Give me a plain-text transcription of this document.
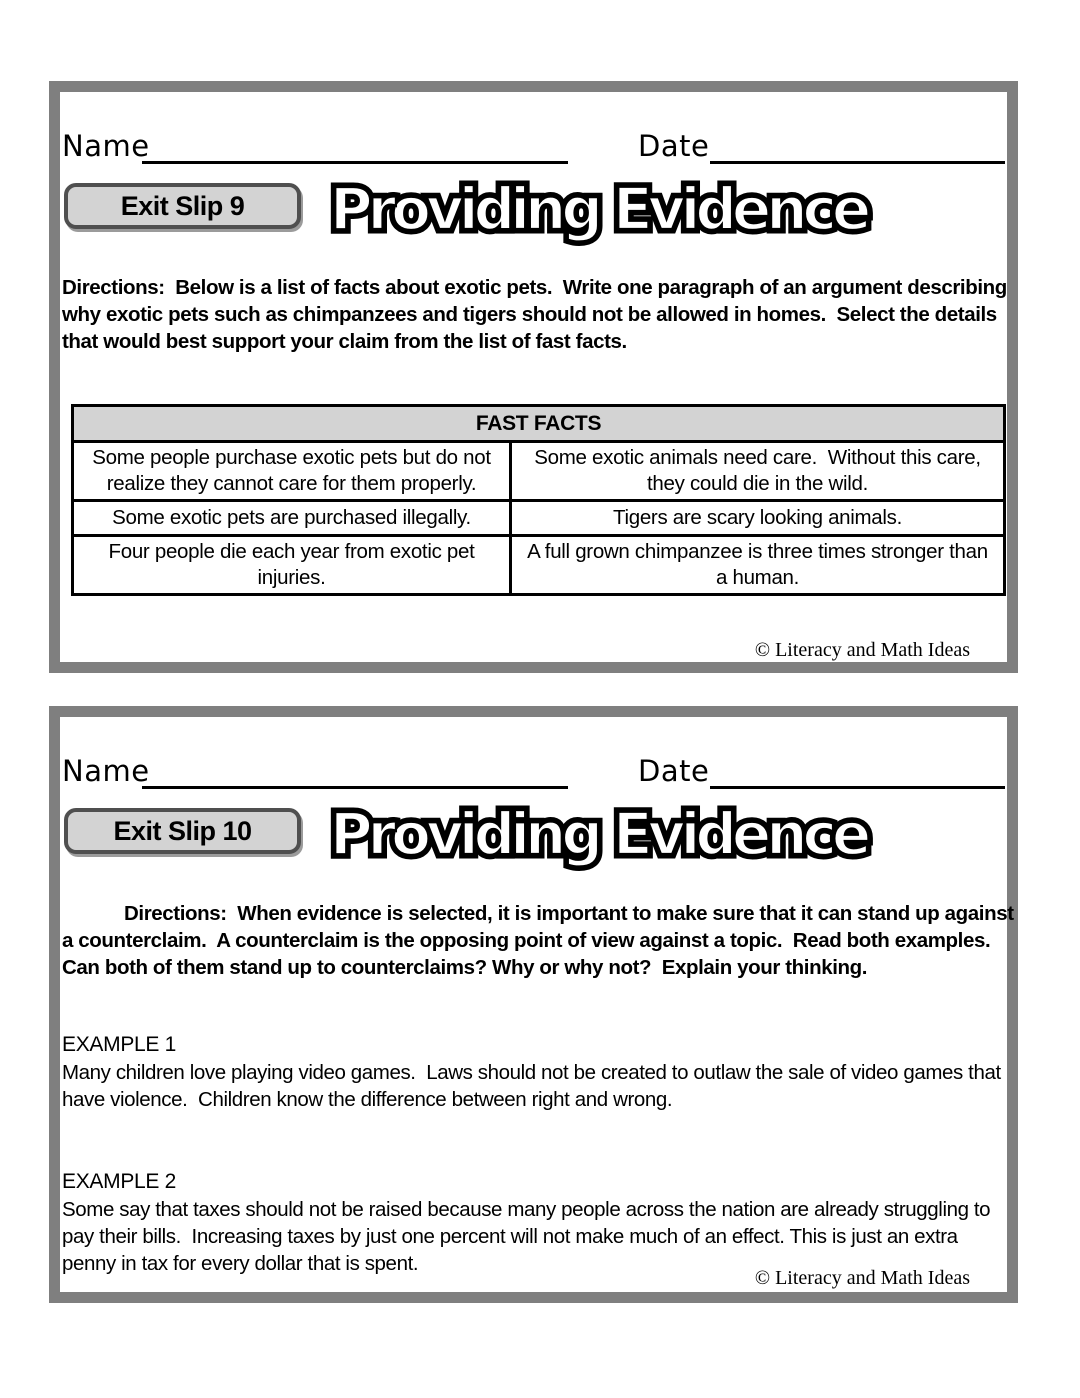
Name	Date
Exit Slip 9	Providing Evidence Providing Evidence
Directions:  Below is a list of facts about exotic pets.  Write one paragraph of an argument describing why exotic pets such as chimpanzees and tigers should not be allowed in homes.  Select the details that would best support your claim from the list of fast facts.
FAST FACTS	
Some people purchase exotic pets but do not realize they cannot care for them properly.	Some exotic animals need care.  Without this care, they could die in the wild.
Some exotic pets are purchased illegally.	Tigers are scary looking animals.
Four people die each year from exotic pet injuries.	A full grown chimpanzee is three times stronger than a human.
© Literacy and Math Ideas
Name	Date
Exit Slip 10	Providing Evidence Providing Evidence
Directions:  When evidence is selected, it is important to make sure that it can stand up against a counterclaim.  A counterclaim is the opposing point of view against a topic.  Read both examples.  Can both of them stand up to counterclaims? Why or why not?  Explain your thinking.
EXAMPLE 1
Many children love playing video games.  Laws should not be created to outlaw the sale of video games that have violence.  Children know the difference between right and wrong.
EXAMPLE 2
Some say that taxes should not be raised because many people across the nation are already struggling to pay their bills.  Increasing taxes by just one percent will not make much of an effect. This is just an extra penny in tax for every dollar that is spent.
© Literacy and Math Ideas
